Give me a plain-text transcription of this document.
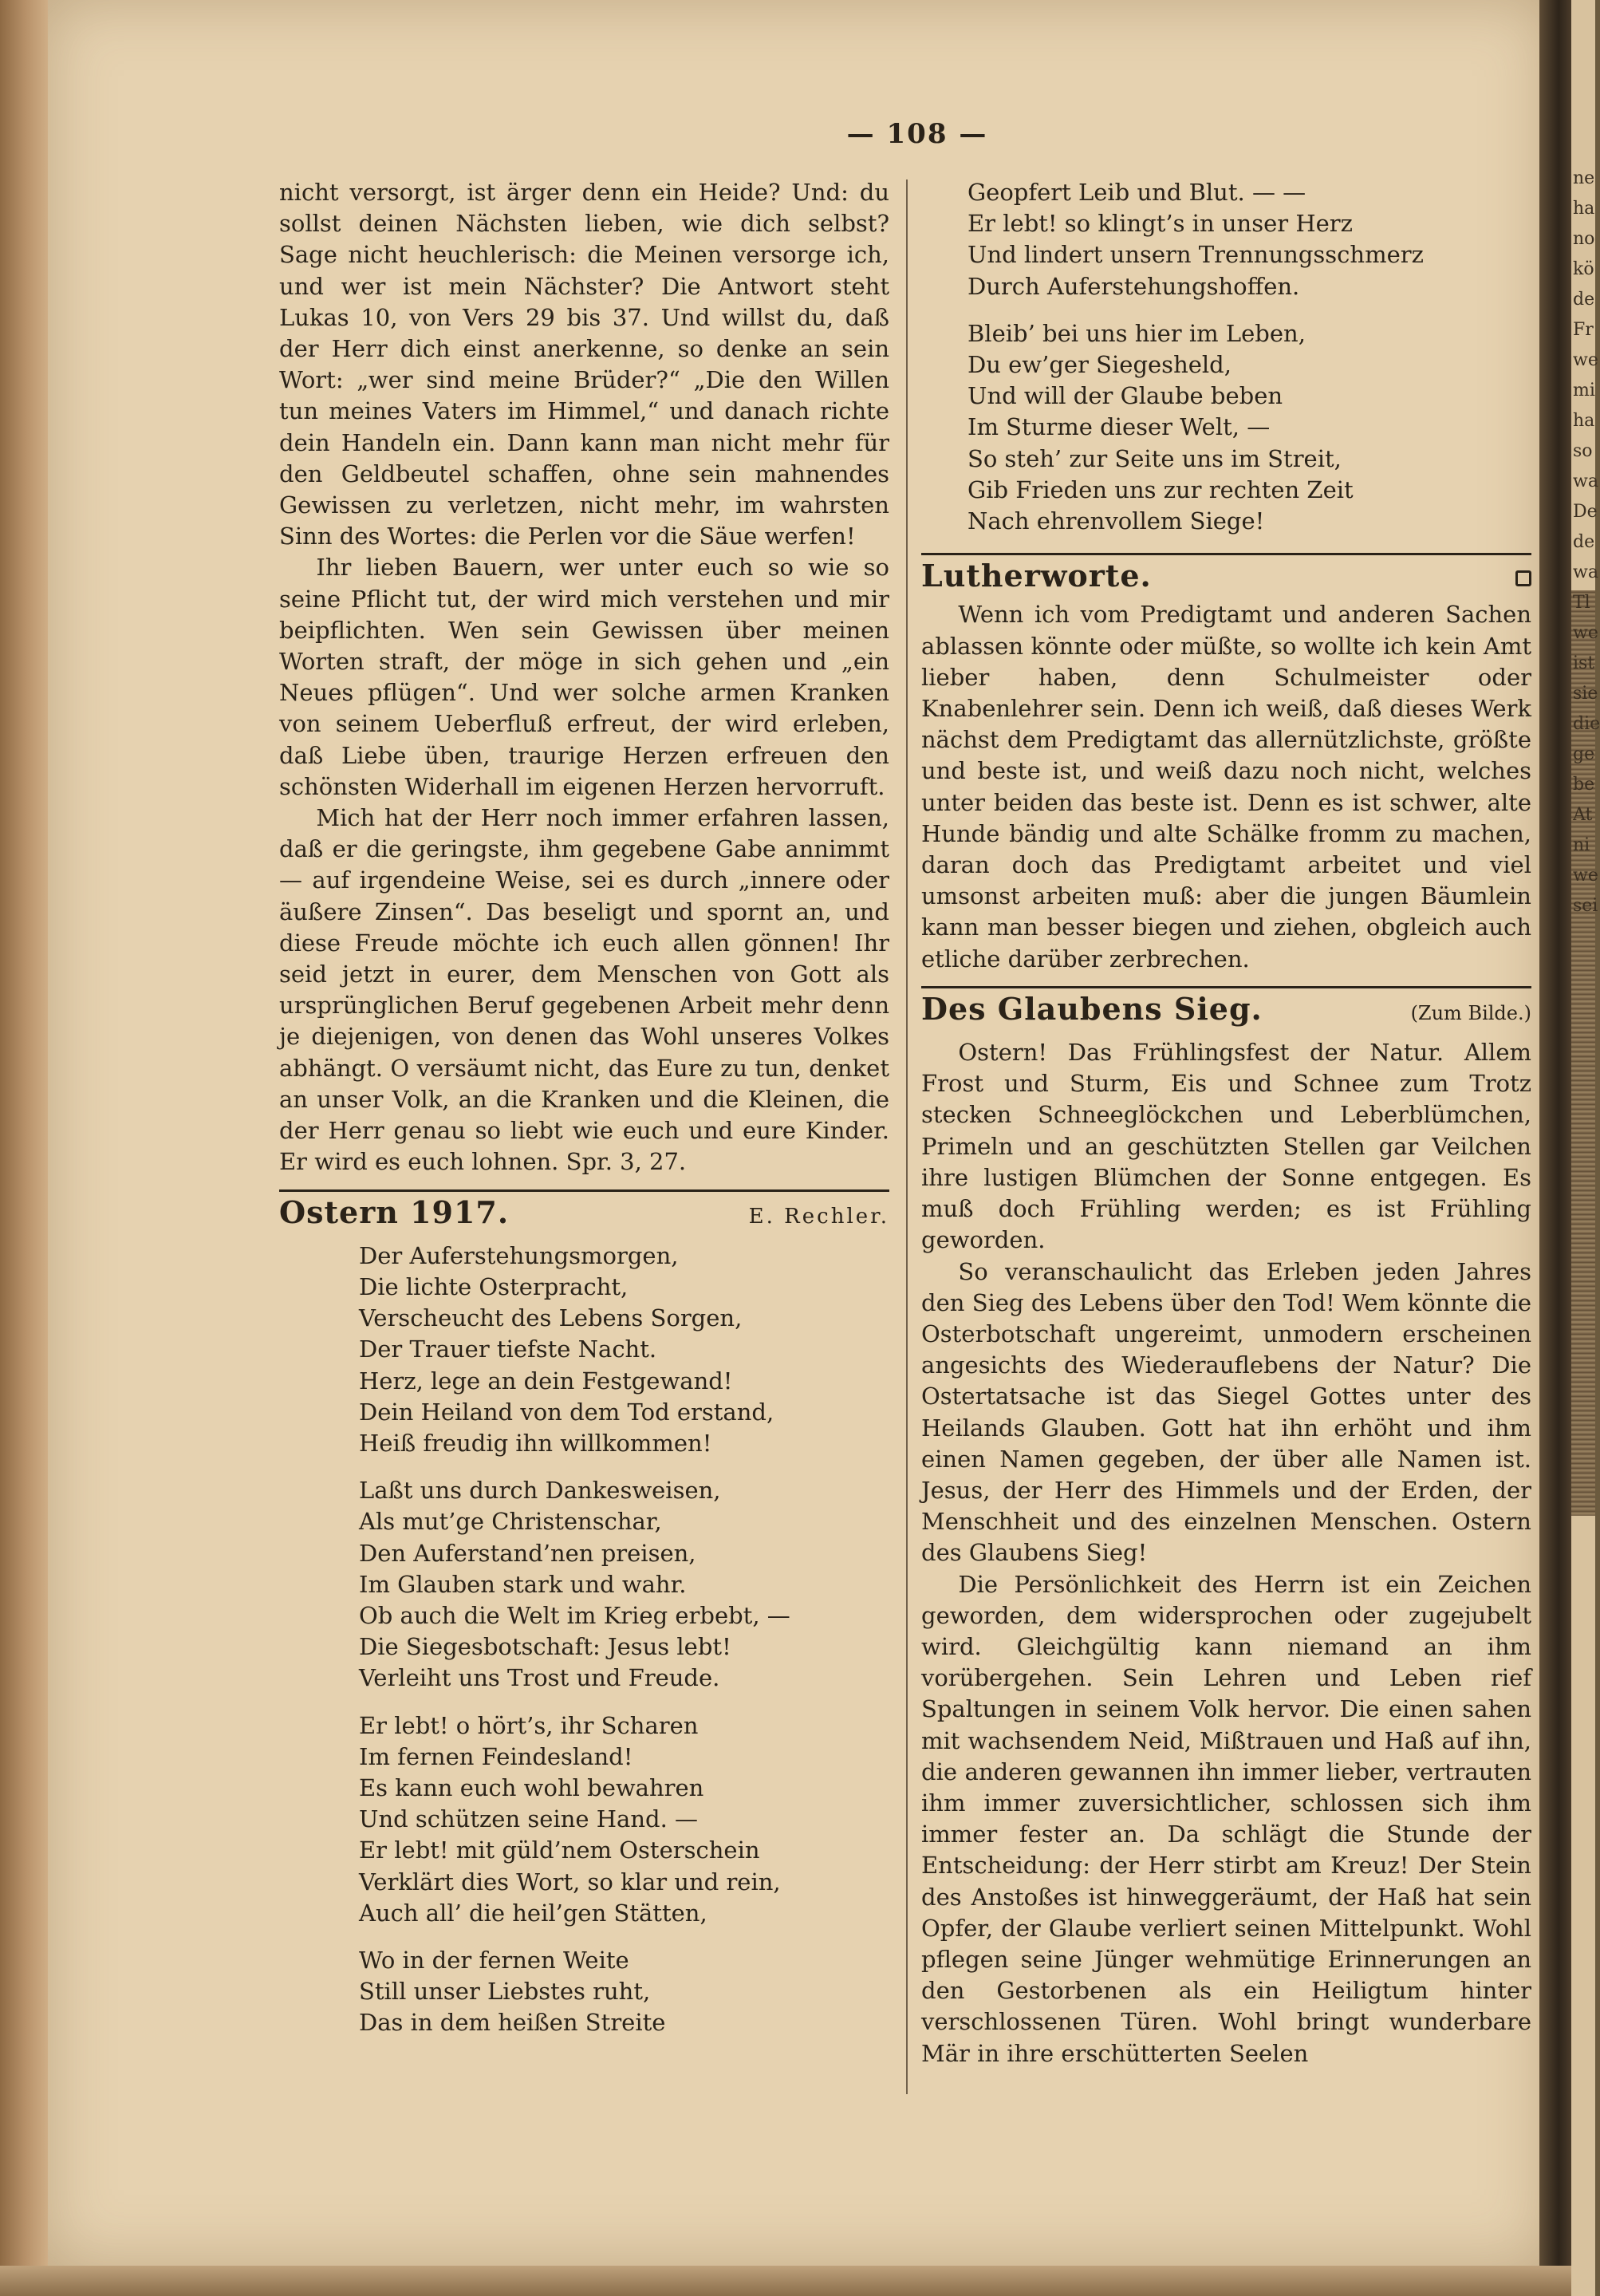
— 108 —

nicht versorgt, ist ärger denn ein Heide? Und: du sollst deinen Nächsten lieben, wie dich selbst? Sage nicht heuchlerisch: die Meinen versorge ich, und wer ist mein Nächster? Die Antwort steht Lukas 10, von Vers 29 bis 37. Und willst du, daß der Herr dich einst anerkenne, so denke an sein Wort: „wer sind meine Brüder?“ „Die den Willen tun meines Vaters im Himmel,“ und danach richte dein Handeln ein. Dann kann man nicht mehr für den Geldbeutel schaffen, ohne sein mahnendes Gewissen zu verletzen, nicht mehr, im wahrsten Sinn des Wortes: die Perlen vor die Säue werfen!

Ihr lieben Bauern, wer unter euch so wie so seine Pflicht tut, der wird mich verstehen und mir beipflichten. Wen sein Gewissen über meinen Worten straft, der möge in sich gehen und „ein Neues pflügen“. Und wer solche armen Kranken von seinem Ueberfluß erfreut, der wird erleben, daß Liebe üben, traurige Herzen erfreuen den schönsten Widerhall im eigenen Herzen hervorruft.

Mich hat der Herr noch immer erfahren lassen, daß er die geringste, ihm gegebene Gabe annimmt — auf irgendeine Weise, sei es durch „innere oder äußere Zinsen“. Das beseligt und spornt an, und diese Freude möchte ich euch allen gönnen! Ihr seid jetzt in eurer, dem Menschen von Gott als ursprünglichen Beruf gegebenen Arbeit mehr denn je diejenigen, von denen das Wohl unseres Volkes abhängt. O versäumt nicht, das Eure zu tun, denket an unser Volk, an die Kranken und die Kleinen, die der Herr genau so liebt wie euch und eure Kinder. Er wird es euch lohnen. Spr. 3, 27.

Ostern 1917.	E. Rechler.
Der Auferstehungsmorgen,
Die lichte Osterpracht,
Verscheucht des Lebens Sorgen,
Der Trauer tiefste Nacht.
Herz, lege an dein Festgewand!
Dein Heiland von dem Tod erstand,
Heiß freudig ihn willkommen!
Laßt uns durch Dankesweisen,
Als mut’ge Christenschar,
Den Auferstand’nen preisen,
Im Glauben stark und wahr.
Ob auch die Welt im Krieg erbebt, —
Die Siegesbotschaft: Jesus lebt!
Verleiht uns Trost und Freude.
Er lebt! o hört’s, ihr Scharen
Im fernen Feindesland!
Es kann euch wohl bewahren
Und schützen seine Hand. —
Er lebt! mit güld’nem Osterschein
Verklärt dies Wort, so klar und rein,
Auch all’ die heil’gen Stätten,
Wo in der fernen Weite
Still unser Liebstes ruht,
Das in dem heißen Streite
Geopfert Leib und Blut. — —
Er lebt! so klingt’s in unser Herz
Und lindert unsern Trennungsschmerz
Durch Auferstehungshoffen.
Bleib’ bei uns hier im Leben,
Du ew’ger Siegesheld,
Und will der Glaube beben
Im Sturme dieser Welt, —
So steh’ zur Seite uns im Streit,
Gib Frieden uns zur rechten Zeit
Nach ehrenvollem Siege!
Lutherworte.

Wenn ich vom Predigtamt und anderen Sachen ablassen könnte oder müßte, so wollte ich kein Amt lieber haben, denn Schulmeister oder Knabenlehrer sein. Denn ich weiß, daß dieses Werk nächst dem Predigtamt das allernützlichste, größte und beste ist, und weiß dazu noch nicht, welches unter beiden das beste ist. Denn es ist schwer, alte Hunde bändig und alte Schälke fromm zu machen, daran doch das Predigtamt arbeitet und viel umsonst arbeiten muß: aber die jungen Bäumlein kann man besser biegen und ziehen, obgleich auch etliche darüber zerbrechen.

Des Glaubens Sieg.	(Zum Bilde.)

Ostern! Das Frühlingsfest der Natur. Allem Frost und Sturm, Eis und Schnee zum Trotz stecken Schneeglöckchen und Leberblümchen, Primeln und an geschützten Stellen gar Veilchen ihre lustigen Blümchen der Sonne entgegen. Es muß doch Frühling werden; es ist Frühling geworden.

So veranschaulicht das Erleben jeden Jahres den Sieg des Lebens über den Tod! Wem könnte die Osterbotschaft ungereimt, unmodern erscheinen angesichts des Wiederauflebens der Natur? Die Ostertatsache ist das Siegel Gottes unter des Heilands Glauben. Gott hat ihn erhöht und ihm einen Namen gegeben, der über alle Namen ist. Jesus, der Herr des Himmels und der Erden, der Menschheit und des einzelnen Menschen. Ostern des Glaubens Sieg!

Die Persönlichkeit des Herrn ist ein Zeichen geworden, dem widersprochen oder zugejubelt wird. Gleichgültig kann niemand an ihm vorübergehen. Sein Lehren und Leben rief Spaltungen in seinem Volk hervor. Die einen sahen mit wachsendem Neid, Mißtrauen und Haß auf ihn, die anderen gewannen ihn immer lieber, vertrauten ihm immer zuversichtlicher, schlossen sich ihm immer fester an. Da schlägt die Stunde der Entscheidung: der Herr stirbt am Kreuz! Der Stein des Anstoßes ist hinweggeräumt, der Haß hat sein Opfer, der Glaube verliert seinen Mittelpunkt. Wohl pflegen seine Jünger wehmütige Erinnerungen an den Gestorbenen als ein Heiligtum hinter verschlossenen Türen. Wohl bringt wunderbare Mär in ihre erschütterten Seelen

ne
ha
no
kö
de
Fr
we
mi
ha
so
wa
De
de
wa
Tl
we
ist
sie
die
ge
be
At
ni
we
sei
